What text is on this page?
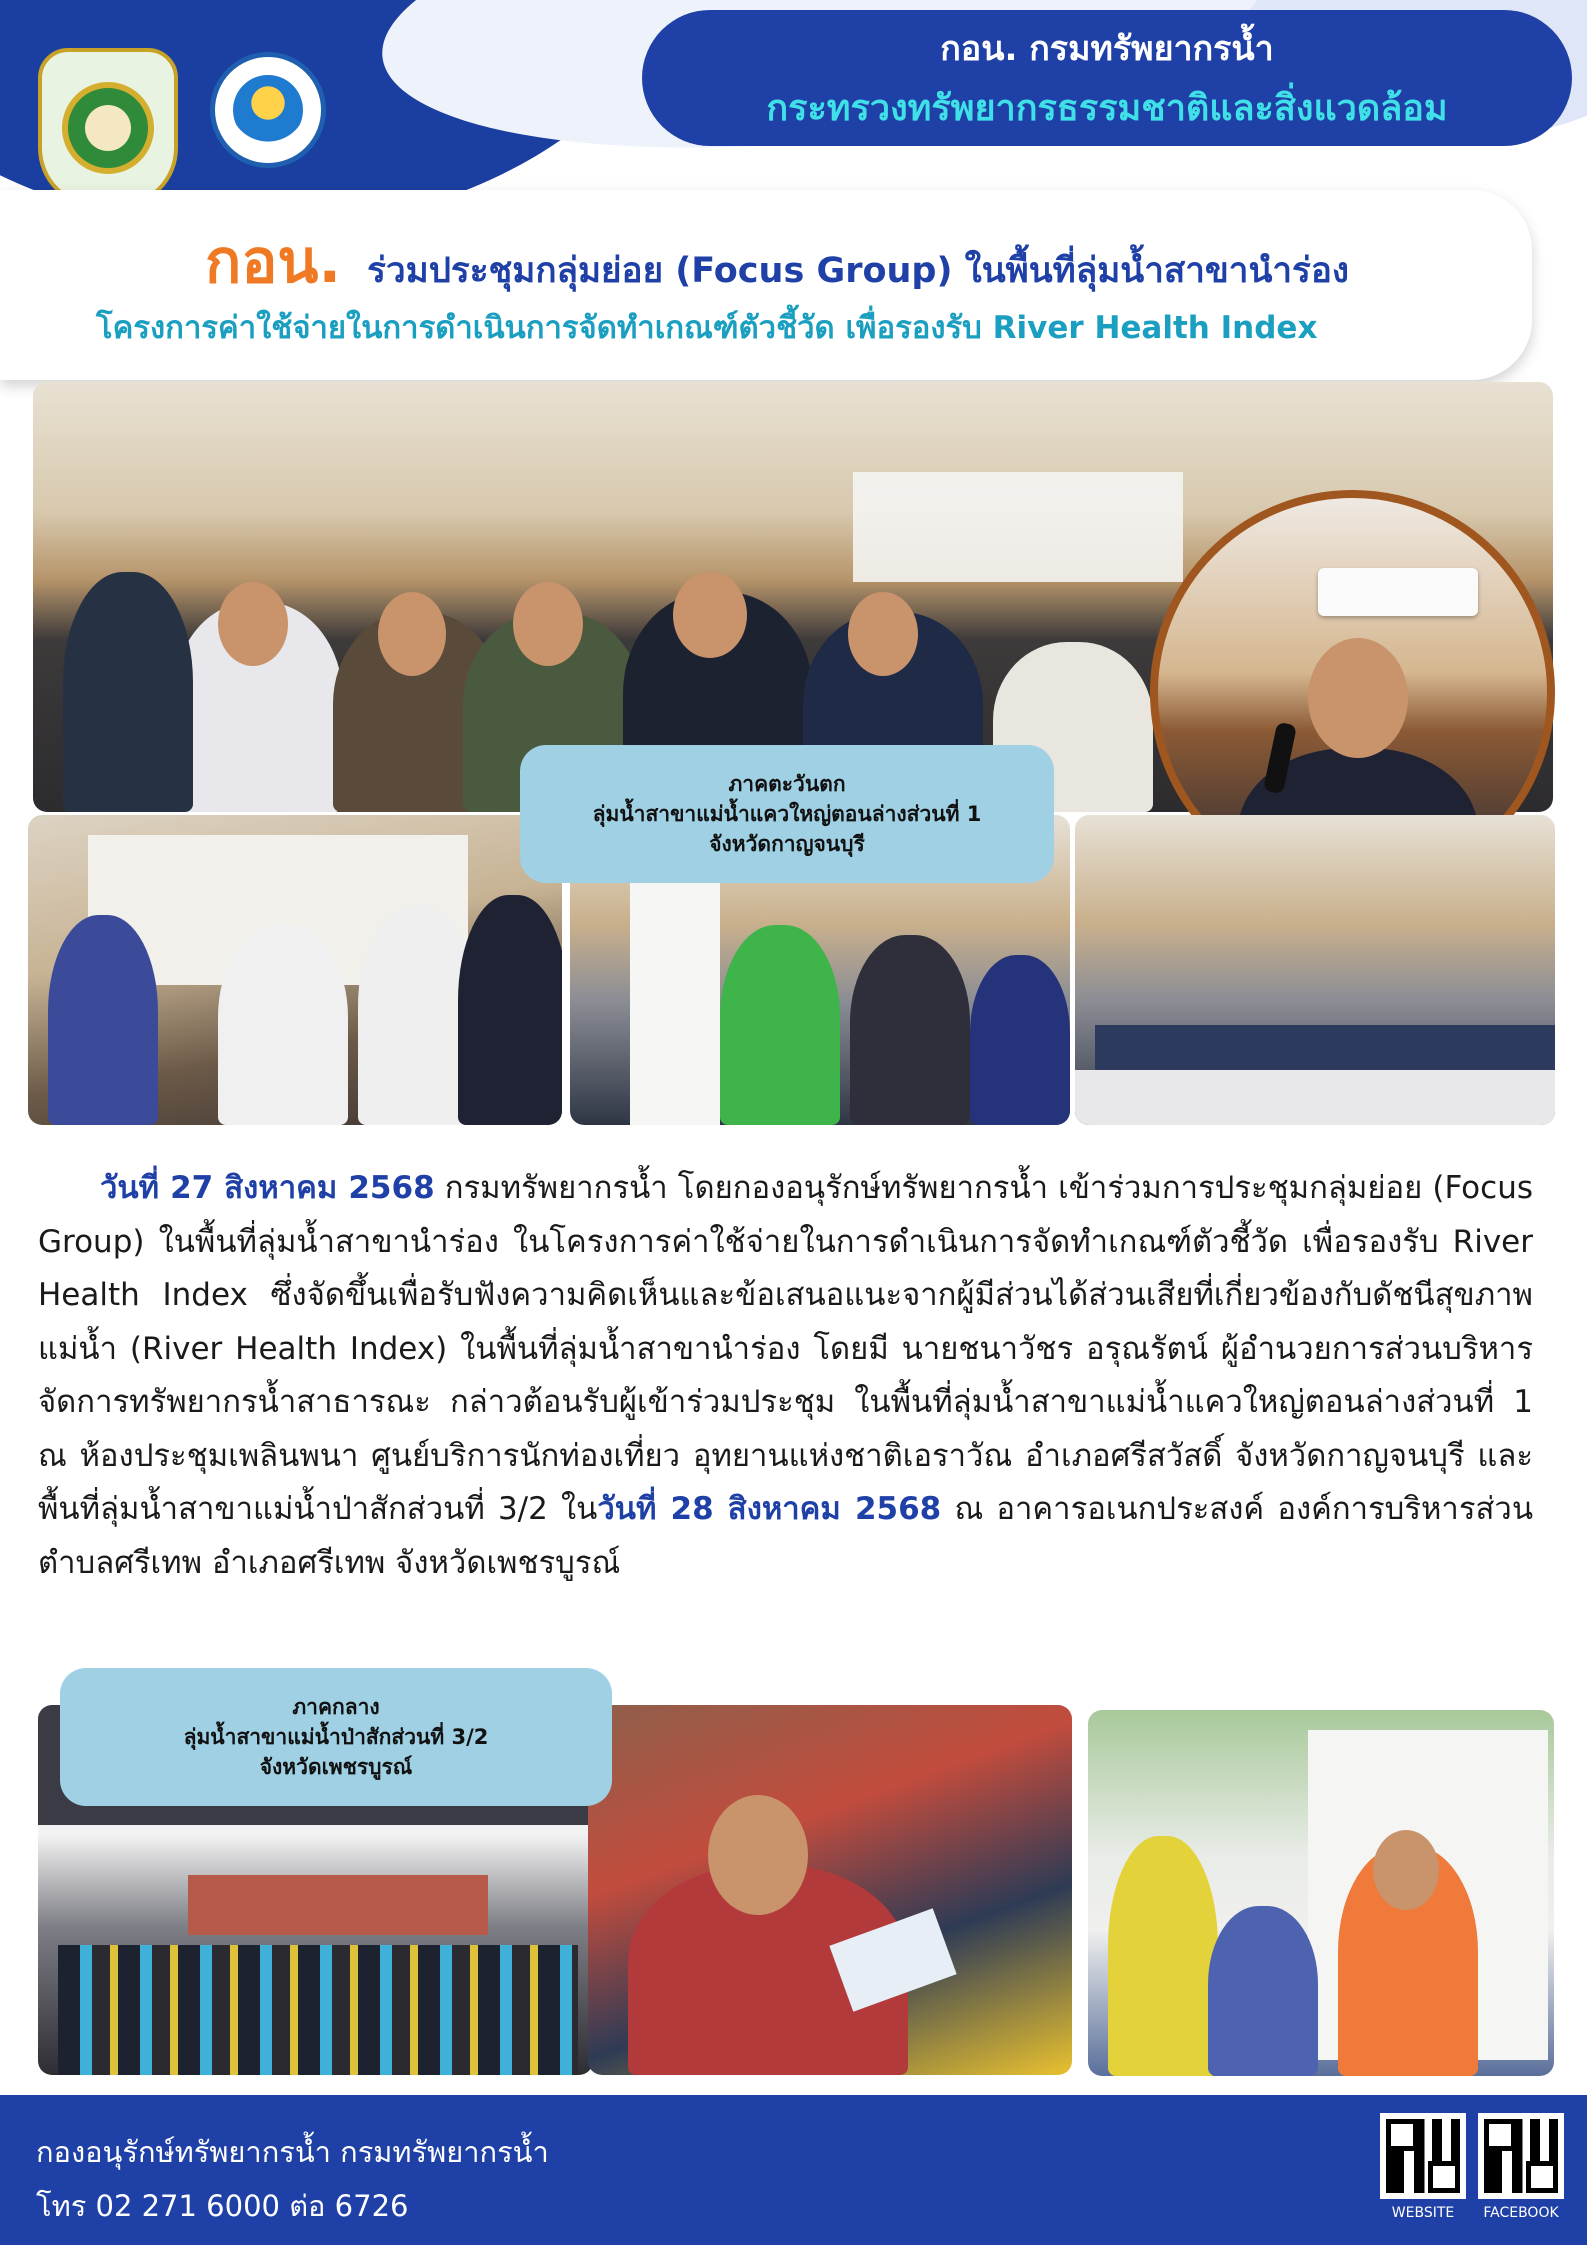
กอน. กรมทรัพยากรน้ำ
กระทรวงทรัพยากรธรรมชาติและสิ่งแวดล้อม
กอน. ร่วมประชุมกลุ่มย่อย (Focus Group) ในพื้นที่ลุ่มน้ำสาขานำร่อง
โครงการค่าใช้จ่ายในการดำเนินการจัดทำเกณฑ์ตัวชี้วัด เพื่อรองรับ River Health Index
ภาคตะวันตก
ลุ่มน้ำสาขาแม่น้ำแควใหญ่ตอนล่างส่วนที่ 1
จังหวัดกาญจนบุรี
วันที่ 27 สิงหาคม 2568 กรมทรัพยากรน้ำ โดยกองอนุรักษ์ทรัพยากรน้ำ เข้าร่วมการประชุมกลุ่มย่อย (Focus Group) ในพื้นที่ลุ่มน้ำสาขานำร่อง ในโครงการค่าใช้จ่ายในการดำเนินการจัดทำเกณฑ์ตัวชี้วัด เพื่อรองรับ River Health Index ซึ่งจัดขึ้นเพื่อรับฟังความคิดเห็นและข้อเสนอแนะจากผู้มีส่วนได้ส่วนเสียที่เกี่ยวข้องกับดัชนีสุขภาพแม่น้ำ (River Health Index) ในพื้นที่ลุ่มน้ำสาขานำร่อง โดยมี นายชนาวัชร อรุณรัตน์ ผู้อำนวยการส่วนบริหารจัดการทรัพยากรน้ำสาธารณะ กล่าวต้อนรับผู้เข้าร่วมประชุม ในพื้นที่ลุ่มน้ำสาขาแม่น้ำแควใหญ่ตอนล่างส่วนที่ 1 ณ ห้องประชุมเพลินพนา ศูนย์บริการนักท่องเที่ยว อุทยานแห่งชาติเอราวัณ อำเภอศรีสวัสดิ์ จังหวัดกาญจนบุรี และพื้นที่ลุ่มน้ำสาขาแม่น้ำป่าสักส่วนที่ 3/2 ในวันที่ 28 สิงหาคม 2568 ณ อาคารอเนกประสงค์ องค์การบริหารส่วนตำบลศรีเทพ อำเภอศรีเทพ จังหวัดเพชรบูรณ์
ภาคกลาง
ลุ่มน้ำสาขาแม่น้ำป่าสักส่วนที่ 3/2
จังหวัดเพชรบูรณ์
กองอนุรักษ์ทรัพยากรน้ำ กรมทรัพยากรน้ำ
โทร 02 271 6000 ต่อ 6726	WEBSITE	FACEBOOK
